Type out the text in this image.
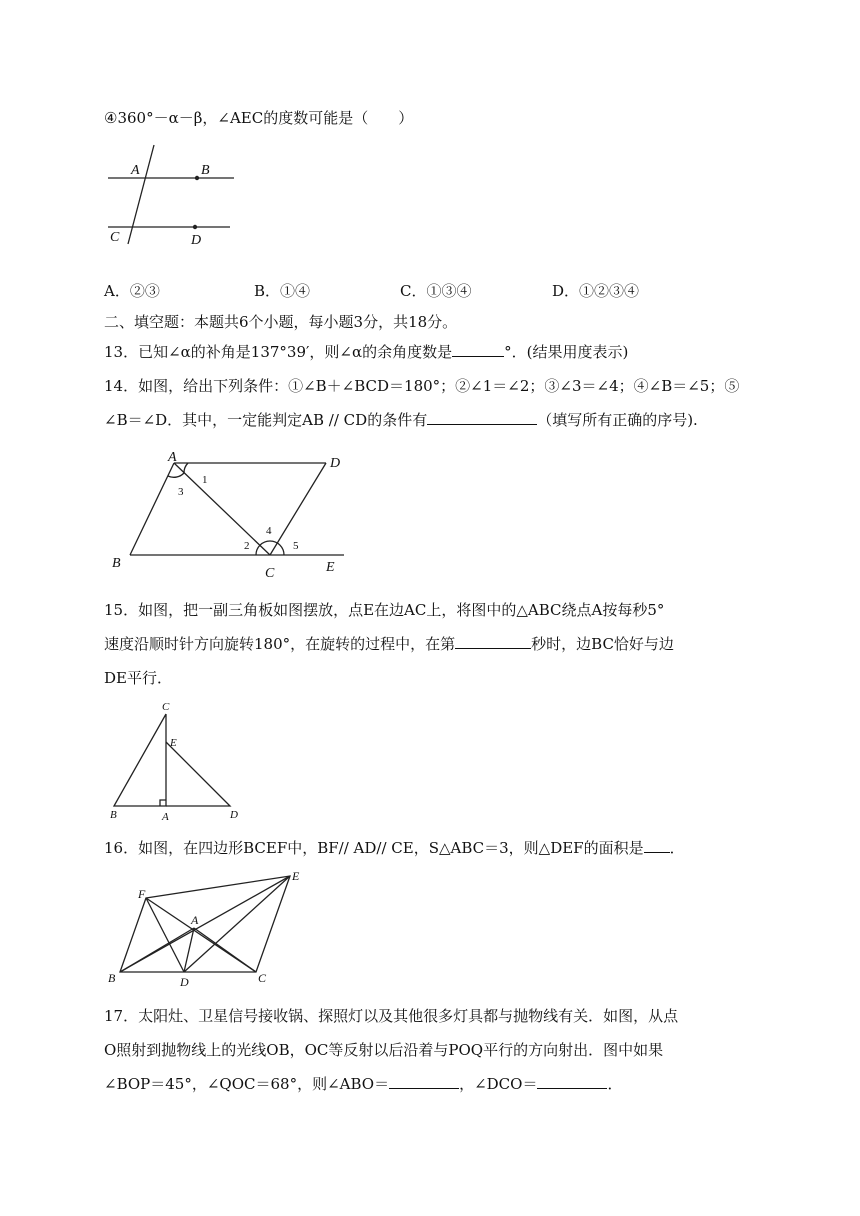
④360°－α－β，∠AEC的度数可能是（　　）
A	B
C	D
A．②③	B．①④	C．①③④	D．①②③④
二、填空题：本题共6个小题，每小题3分，共18分。
13．已知∠α的补角是137°39′，则∠α的余角度数是	°．(结果用度表示)
14．如图，给出下列条件：①∠B＋∠BCD＝180°；②∠1＝∠2；③∠3＝∠4；④∠B＝∠5；⑤
∠B＝∠D．其中，一定能判定AB // CD的条件有	（填写所有正确的序号).
A	D
B
C	E
1
3
2
4
5
15．如图，把一副三角板如图摆放，点E在边AC上，将图中的△ABC绕点A按每秒5°
速度沿顺时针方向旋转180°，在旋转的过程中，在第	秒时，边BC恰好与边
DE平行．
C
E
B	A	D
16．如图，在四边形BCEF中，BF// AD// CE，S△ABC＝3，则△DEF的面积是 ．
F
E
A
B	D	C
17．太阳灶、卫星信号接收锅、探照灯以及其他很多灯具都与抛物线有关．如图，从点
O照射到抛物线上的光线OB，OC等反射以后沿着与POQ平行的方向射出．图中如果
∠BOP＝45°，∠QOC＝68°，则∠ABO＝	，∠DCO＝	．
